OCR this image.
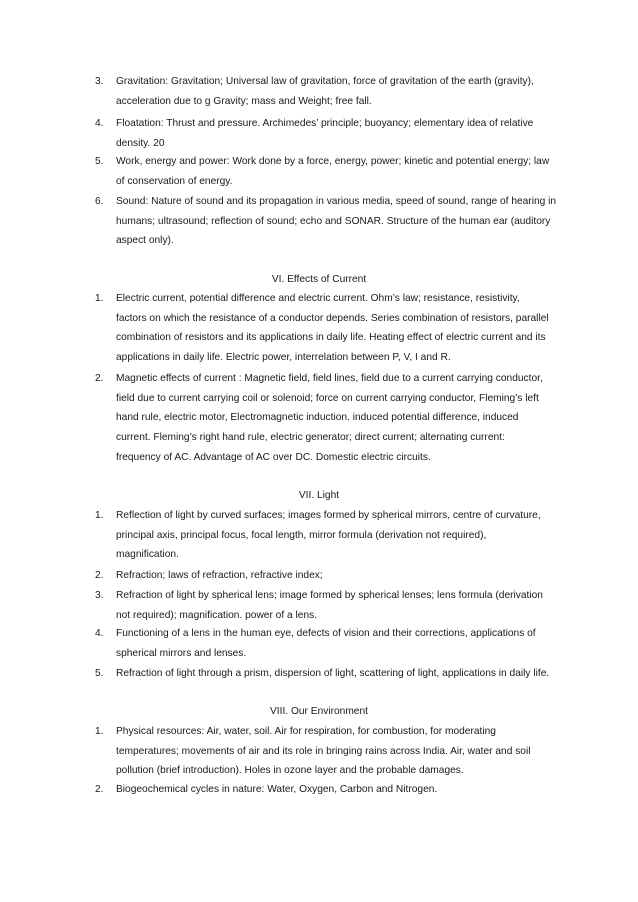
3. Gravitation: Gravitation; Universal law of gravitation, force of gravitation of the earth (gravity),
acceleration due to g Gravity; mass and Weight; free fall.
4. Floatation: Thrust and pressure. Archimedes’ principle; buoyancy; elementary idea of relative
density. 20
5. Work, energy and power: Work done by a force, energy, power; kinetic and potential energy; law
of conservation of energy.
6. Sound: Nature of sound and its propagation in various media, speed of sound, range of hearing in
humans; ultrasound; reflection of sound; echo and SONAR. Structure of the human ear (auditory
aspect only).
VI. Effects of Current
1. Electric current, potential difference and electric current. Ohm’s law; resistance, resistivity,
factors on which the resistance of a conductor depends. Series combination of resistors, parallel
combination of resistors and its applications in daily life. Heating effect of electric current and its
applications in daily life. Electric power, interrelation between P, V, I and R.
2. Magnetic effects of current : Magnetic field, field lines, field due to a current carrying conductor,
field due to current carrying coil or solenoid; force on current carrying conductor, Fleming’s left
hand rule, electric motor, Electromagnetic induction. induced potential difference, induced
current. Fleming’s right hand rule, electric generator; direct current; alternating current:
frequency of AC. Advantage of AC over DC. Domestic electric circuits.
VII. Light
1. Reflection of light by curved surfaces; images formed by spherical mirrors, centre of curvature,
principal axis, principal focus, focal length, mirror formula (derivation not required),
magnification.
2. Refraction; laws of refraction, refractive index;
3. Refraction of light by spherical lens; image formed by spherical lenses; lens formula (derivation
not required); magnification. power of a lens.
4. Functioning of a lens in the human eye, defects of vision and their corrections, applications of
spherical mirrors and lenses.
5. Refraction of light through a prism, dispersion of light, scattering of light, applications in daily life.
VIII. Our Environment
1. Physical resources: Air, water, soil. Air for respiration, for combustion, for moderating
temperatures; movements of air and its role in bringing rains across India. Air, water and soil
pollution (brief introduction). Holes in ozone layer and the probable damages.
2. Biogeochemical cycles in nature: Water, Oxygen, Carbon and Nitrogen.
